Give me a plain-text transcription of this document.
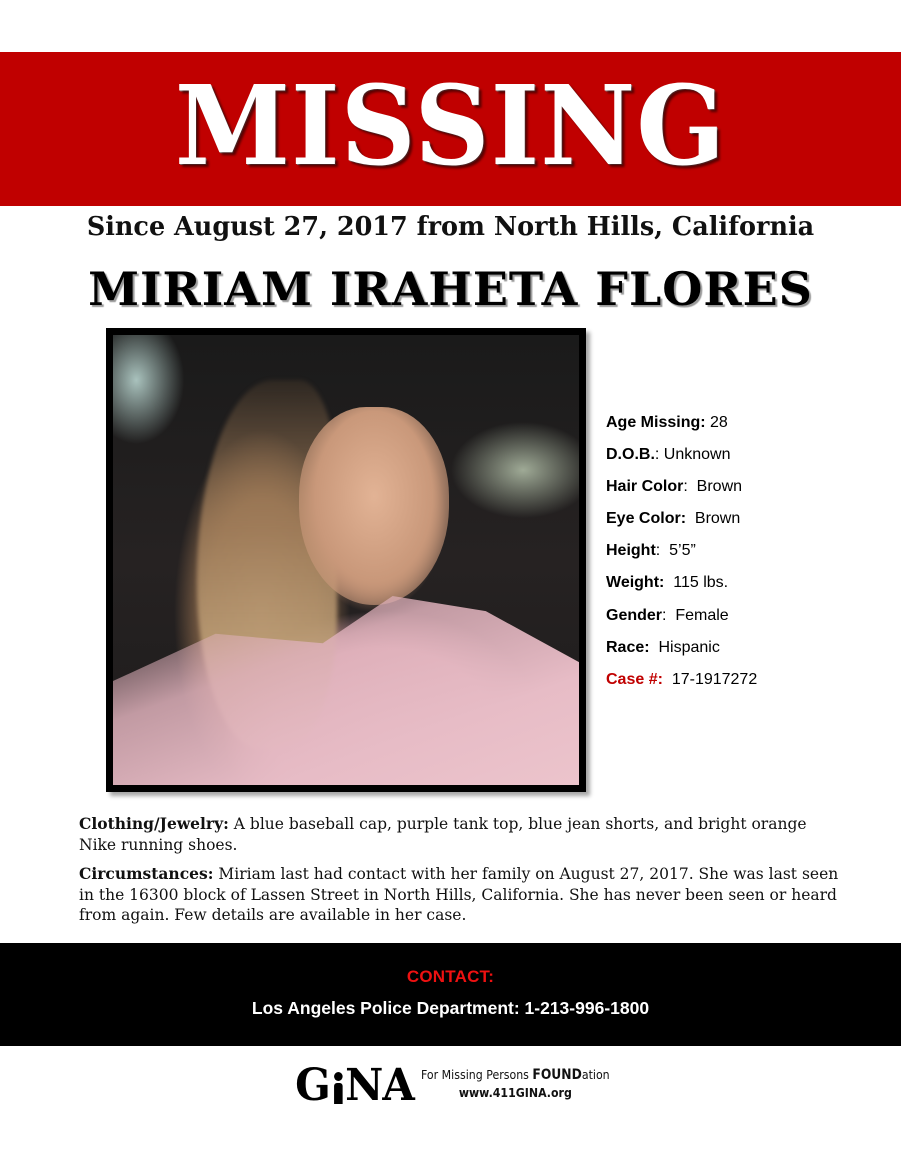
MISSING
Since August 27, 2017 from North Hills, California
MIRIAM IRAHETA FLORES
Age Missing: 28
D.O.B.: Unknown
Hair Color:  Brown
Eye Color:  Brown
Height:  5’5”
Weight:  115 lbs.
Gender:  Female
Race:  Hispanic
Case #:  17-1917272

Clothing/Jewelry: A blue baseball cap, purple tank top, blue jean shorts, and bright orange Nike running shoes.

Circumstances: Miriam last had contact with her family on August 27, 2017. She was last seen in the 16300 block of Lassen Street in North Hills, California. She has never been seen or heard from again. Few details are available in her case.

CONTACT:
Los Angeles Police Department: 1-213-996-1800
G NA For Missing Persons FOUNDation
www.411GINA.org
